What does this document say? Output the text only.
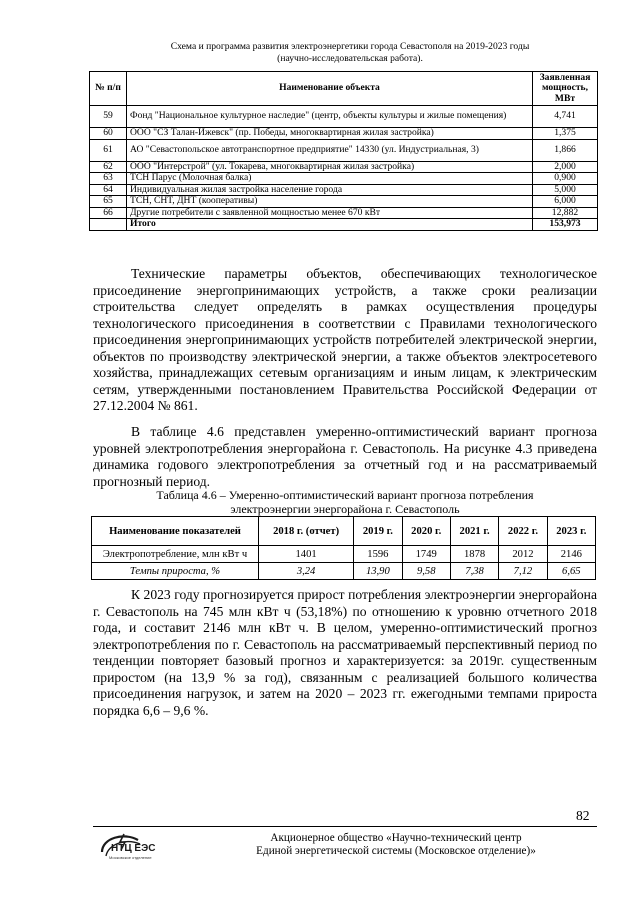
Схема и программа развития электроэнергетики города Севастополя на 2019-2023 годы
(научно-исследовательская работа).
№ п/п	Наименование объекта	Заявленная мощность, МВт
59	Фонд "Национальное культурное наследие" (центр, объекты культуры и жилые помещения)	4,741
60	ООО "СЗ Талан-Ижевск" (пр. Победы, многоквартирная жилая застройка)	1,375
61	АО "Севастопольское автотранспортное предприятие" 14330 (ул. Индустриальная, 3)	1,866
62	ООО "Интерстрой" (ул. Токарева, многоквартирная жилая застройка)	2,000
63	ТСН Парус (Молочная балка)	0,900
64	Индивидуальная жилая застройка население города	5,000
65	ТСН, СНТ, ДНТ (кооперативы)	6,000
66	Другие потребители с заявленной мощностью менее 670 кВт	12,882
	Итого	153,973

Технические параметры объектов, обеспечивающих технологическое присоединение энергопринимающих устройств, а также сроки реализации строительства следует определять в рамках осуществления процедуры технологического присоединения в соответствии с Правилами технологического присоединения энергопринимающих устройств потребителей электрической энергии, объектов по производству электрической энергии, а также объектов электросетевого хозяйства, принадлежащих сетевым организациям и иным лицам, к электрическим сетям, утвержденными постановлением Правительства Российской Федерации от 27.12.2004 № 861.

В таблице 4.6 представлен умеренно-оптимистический вариант прогноза уровней электропотребления энергорайона г. Севастополь. На рисунке 4.3 приведена динамика годового электропотребления за отчетный год и на рассматриваемый прогнозный период.

Таблица 4.6 – Умеренно-оптимистический вариант прогноза потребления
электроэнергии энергорайона г. Севастополь
Наименование показателей	2018 г. (отчет)	2019 г.	2020 г.	2021 г.	2022 г.	2023 г.
Электропотребление, млн кВт ч	1401	1596	1749	1878	2012	2146
Темпы прироста, %	3,24	13,90	9,58	7,38	7,12	6,65

К 2023 году прогнозируется прирост потребления электроэнергии энергорайона г. Севастополь на 745 млн кВт ч (53,18%) по отношению к уровню отчетного 2018 года, и составит 2146 млн кВт ч. В целом, умеренно-оптимистический прогноз электропотребления по г. Севастополь на рассматриваемый перспективный период по тенденции повторяет базовый прогноз и характеризуется: за 2019г. существенным приростом (на 13,9 % за год), связанным с реализацией большого количества присоединения нагрузок, и затем на 2020 – 2023 гг. ежегодными темпами прироста порядка 6,6 – 9,6 %.

82
НТЦ ЕЭС
Московское отделение
Акционерное общество «Научно-технический центр
Единой энергетической системы (Московское отделение)»
